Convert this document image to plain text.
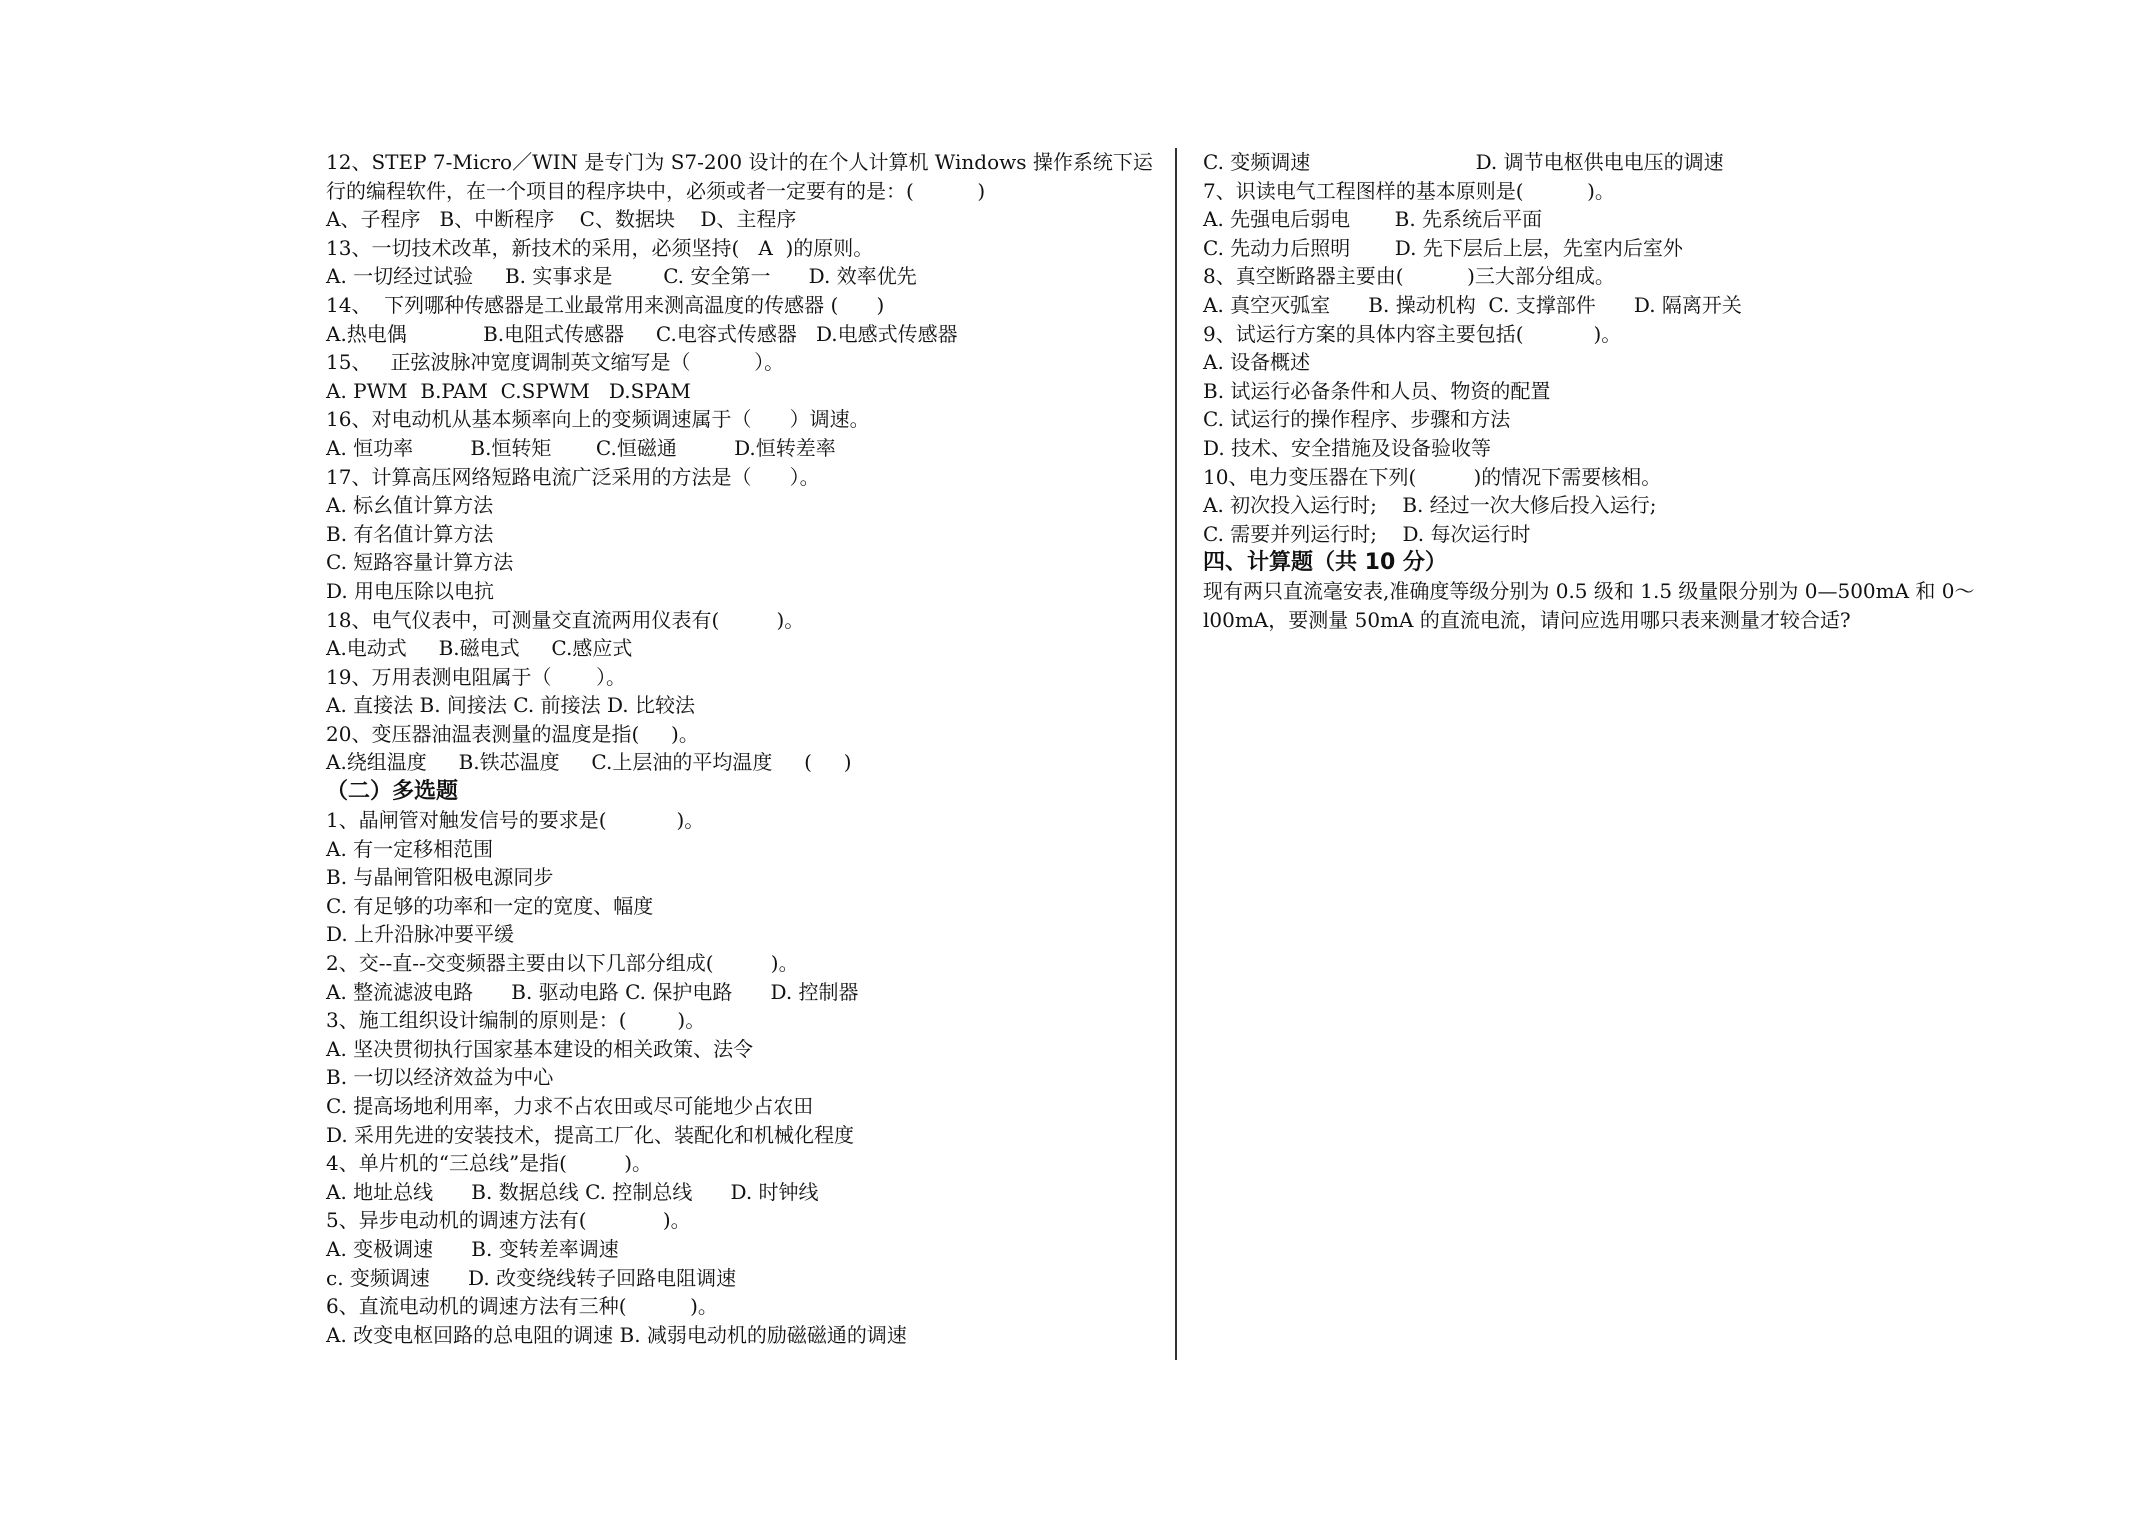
12、STEP 7-Micro／WIN 是专门为 S7-200 设计的在个人计算机 Windows 操作系统下运
行的编程软件，在一个项目的程序块中，必须或者一定要有的是：(          )
A、子程序   B、中断程序    C、数据块    D、主程序
13、一切技术改革，新技术的采用，必须坚持(   A  )的原则。
A. 一切经过试验     B. 实事求是        C. 安全第一      D. 效率优先
14、  下列哪种传感器是工业最常用来测高温度的传感器 (      )
A.热电偶            B.电阻式传感器     C.电容式传感器   D.电感式传感器
15、   正弦波脉冲宽度调制英文缩写是（          ）。
A. PWM  B.PAM  C.SPWM   D.SPAM
16、对电动机从基本频率向上的变频调速属于（      ）调速。
A. 恒功率         B.恒转矩       C.恒磁通         D.恒转差率
17、计算高压网络短路电流广泛采用的方法是（      ）。
A. 标幺值计算方法
B. 有名值计算方法
C. 短路容量计算方法
D. 用电压除以电抗
18、电气仪表中，可测量交直流两用仪表有(         )。
A.电动式     B.磁电式     C.感应式
19、万用表测电阻属于（       ）。
A. 直接法 B. 间接法 C. 前接法 D. 比较法
20、变压器油温表测量的温度是指(     )。
A.绕组温度     B.铁芯温度     C.上层油的平均温度     (     )
（二）多选题
1、晶闸管对触发信号的要求是(           )。
A. 有一定移相范围
B. 与晶闸管阳极电源同步
C. 有足够的功率和一定的宽度、幅度
D. 上升沿脉冲要平缓
2、交--直--交变频器主要由以下几部分组成(         )。
A. 整流滤波电路      B. 驱动电路 C. 保护电路      D. 控制器
3、施工组织设计编制的原则是：(        )。
A. 坚决贯彻执行国家基本建设的相关政策、法令
B. 一切以经济效益为中心
C. 提高场地利用率，力求不占农田或尽可能地少占农田
D. 采用先进的安装技术，提高工厂化、装配化和机械化程度
4、单片机的“三总线”是指(         )。
A. 地址总线      B. 数据总线 C. 控制总线      D. 时钟线
5、异步电动机的调速方法有(            )。
A. 变极调速      B. 变转差率调速
c. 变频调速      D. 改变绕线转子回路电阻调速
6、直流电动机的调速方法有三种(          )。
A. 改变电枢回路的总电阻的调速 B. 减弱电动机的励磁磁通的调速
C. 变频调速                          D. 调节电枢供电电压的调速
7、识读电气工程图样的基本原则是(          )。
A. 先强电后弱电       B. 先系统后平面
C. 先动力后照明       D. 先下层后上层，先室内后室外
8、真空断路器主要由(          )三大部分组成。
A. 真空灭弧室      B. 操动机构  C. 支撑部件      D. 隔离开关
9、试运行方案的具体内容主要包括(           )。
A. 设备概述
B. 试运行必备条件和人员、物资的配置
C. 试运行的操作程序、步骤和方法
D. 技术、安全措施及设备验收等
10、电力变压器在下列(         )的情况下需要核相。
A. 初次投入运行时;    B. 经过一次大修后投入运行;
C. 需要并列运行时;    D. 每次运行时
四、计算题（共 10 分）
现有两只直流毫安表,准确度等级分别为 0.5 级和 1.5 级量限分别为 0—500mA 和 0～l00mA，要测量 50mA 的直流电流，请问应选用哪只表来测量才较合适?
